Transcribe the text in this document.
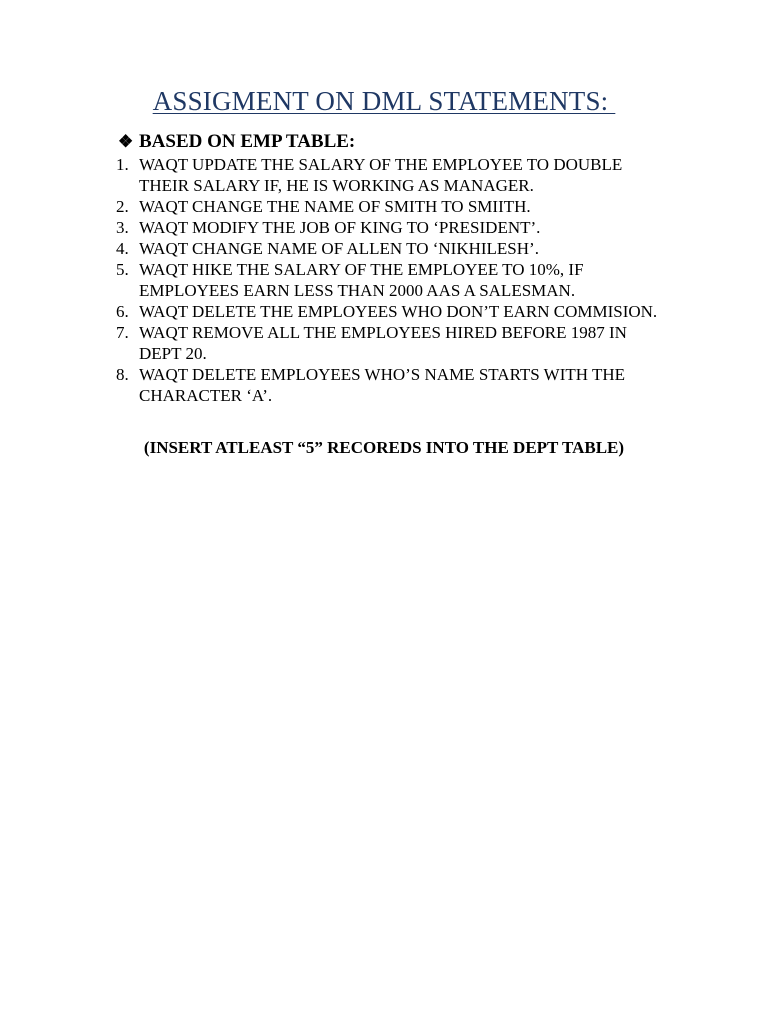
ASSIGMENT ON DML STATEMENTS:
❖ BASED ON EMP TABLE:
1. WAQT UPDATE THE SALARY OF THE EMPLOYEE TO DOUBLE THEIR SALARY IF, HE IS WORKING AS MANAGER.
2. WAQT CHANGE THE NAME OF SMITH TO SMIITH.
3. WAQT MODIFY THE JOB OF KING TO ‘PRESIDENT’.
4. WAQT CHANGE NAME OF ALLEN TO ‘NIKHILESH’.
5. WAQT HIKE THE SALARY OF THE EMPLOYEE TO 10%, IF EMPLOYEES EARN LESS THAN 2000 AAS A SALESMAN.
6. WAQT DELETE THE EMPLOYEES WHO DON’T EARN COMMISION.
7. WAQT REMOVE ALL THE EMPLOYEES HIRED BEFORE 1987 IN DEPT 20.
8. WAQT DELETE EMPLOYEES WHO’S NAME STARTS WITH THE CHARACTER ‘A’.
(INSERT ATLEAST “5” RECOREDS INTO THE DEPT TABLE)
